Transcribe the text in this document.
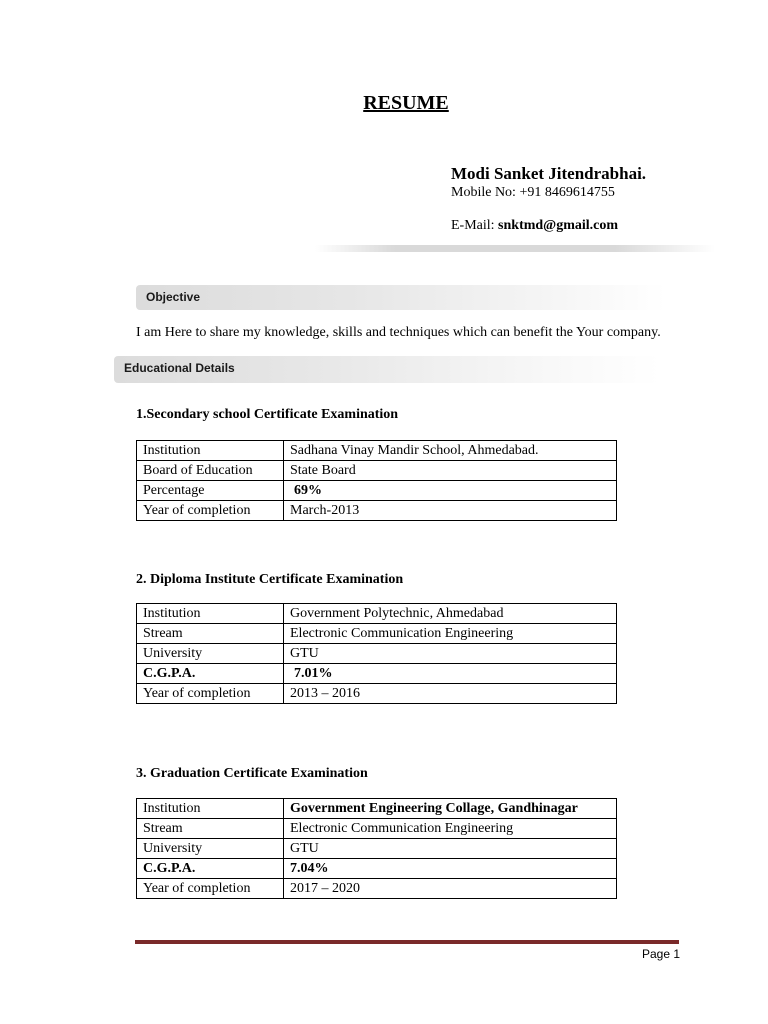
RESUME
Modi Sanket Jitendrabhai.
Mobile No: +91 8469614755
E-Mail: snktmd@gmail.com
Objective
I am Here to share my knowledge, skills and techniques which can benefit the Your company.
Educational Details
1.Secondary school Certificate Examination
Institution	Sadhana Vinay Mandir School, Ahmedabad.
Board of Education	State Board
Percentage	69%
Year of completion	March-2013
2. Diploma Institute Certificate Examination
Institution	Government Polytechnic, Ahmedabad
Stream	Electronic Communication Engineering
University	GTU
C.G.P.A.	7.01%
Year of completion	2013 – 2016
3. Graduation Certificate Examination
Institution	Government Engineering Collage, Gandhinagar
Stream	Electronic Communication Engineering
University	GTU
C.G.P.A.	7.04%
Year of completion	2017 – 2020
Page 1
